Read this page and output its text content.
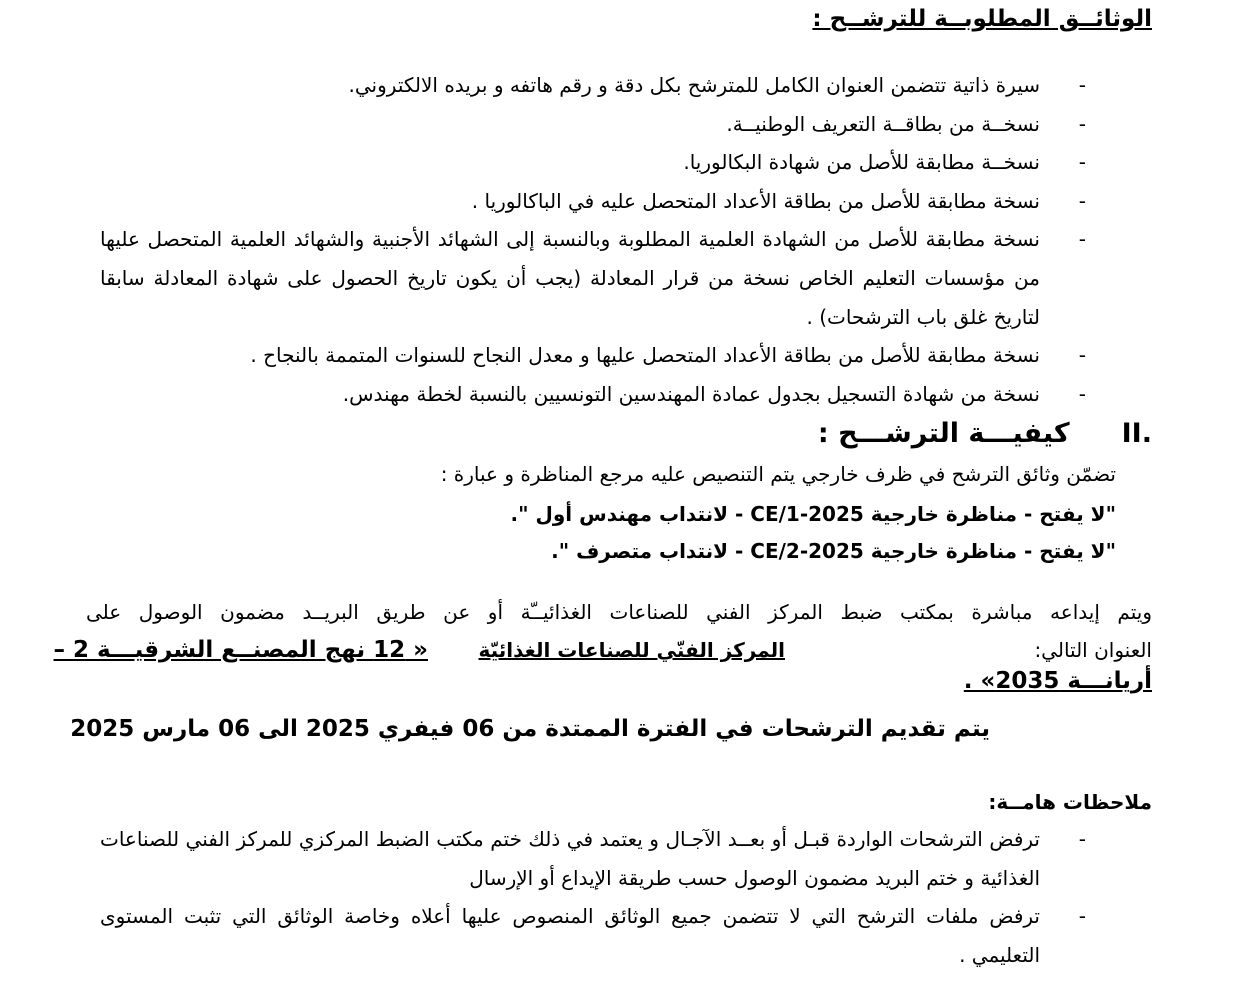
الوثائــق المطلوبــة للترشــح :
- سيرة ذاتية تتضمن العنوان الكامل للمترشح بكل دقة و رقم هاتفه و بريده الالكتروني.
- نسخــة من بطاقــة التعريف الوطنيــة.
- نسخــة مطابقة للأصل من شهادة البكالوريا.
- نسخة مطابقة للأصل من بطاقة الأعداد المتحصل عليه في الباكالوريا .
- نسخة مطابقة للأصل من الشهادة العلمية المطلوبة وبالنسبة إلى الشهائد الأجنبية والشهائد العلمية المتحصل عليها من مؤسسات التعليم الخاص نسخة من قرار المعادلة (يجب أن يكون تاريخ الحصول على شهادة المعادلة سابقا لتاريخ غلق باب الترشحات) .
- نسخة مطابقة للأصل من بطاقة الأعداد المتحصل عليها و معدل النجاح للسنوات المتممة بالنجاح .
- نسخة من شهادة التسجيل بجدول عمادة المهندسين التونسيين بالنسبة لخطة مهندس.
II.
كيفيـــة الترشـــح :
تضمّن وثائق الترشح في ظرف خارجي يتم التنصيص عليه مرجع المناظرة و عبارة :
"لا يفتح - مناظرة خارجية CE/1-2025 - لانتداب مهندس أول ".
"لا يفتح - مناظرة خارجية CE/2-2025 - لانتداب متصرف ".
ويتم إيداعه مباشرة بمكتب ضبط المركز الفني للصناعات الغذائيــّة أو عن طريق البريــد مضمون الوصول على
العنوان التالي:
المركز الفنّي للصناعات الغذائيّة
« 12 نهج المصنــع الشرقيـــة 2 –
أريانـــة 2035» .
يتم تقديم الترشحات في الفترة الممتدة من 06 فيفري 2025 الى 06 مارس 2025
ملاحظات هامــة:
- ترفض الترشحات الواردة قبـل أو بعــد الآجـال و يعتمد في ذلك ختم مكتب الضبط المركزي للمركز الفني للصناعات الغذائية و ختم البريد مضمون الوصول حسب طريقة الإيداع أو الإرسال
- ترفض ملفات الترشح التي لا تتضمن جميع الوثائق المنصوص عليها أعلاه وخاصة الوثائق التي تثبت المستوى التعليمي .
